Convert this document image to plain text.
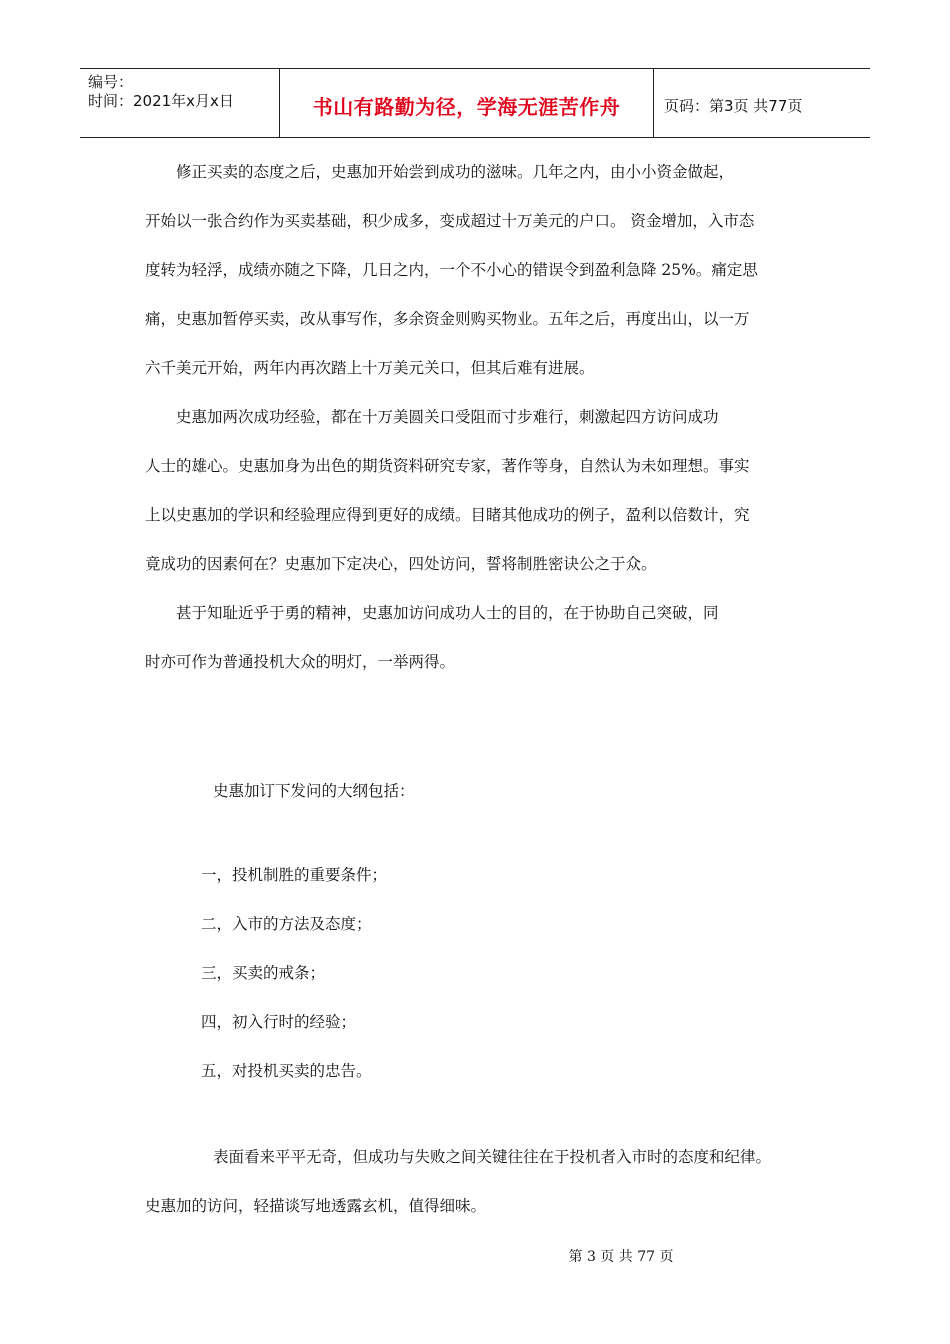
编号：
时间：2021年x月x日	书山有路勤为径，学海无涯苦作舟	页码：第3页 共77页

修正买卖的态度之后，史惠加开始尝到成功的滋味。几年之内，由小小资金做起，

开始以一张合约作为买卖基础，积少成多，变成超过十万美元的户口。 资金增加，入市态

度转为轻浮，成绩亦随之下降，几日之内，一个不小心的错误令到盈利急降 25%。痛定思

痛，史惠加暂停买卖，改从事写作，多余资金则购买物业。五年之后，再度出山，以一万

六千美元开始，两年内再次踏上十万美元关口，但其后难有进展。

史惠加两次成功经验，都在十万美圆关口受阻而寸步难行，刺激起四方访问成功

人士的雄心。史惠加身为出色的期货资料研究专家，著作等身，自然认为未如理想。事实

上以史惠加的学识和经验理应得到更好的成绩。目睹其他成功的例子，盈利以倍数计，究

竟成功的因素何在？史惠加下定决心，四处访问，誓将制胜密诀公之于众。

甚于知耻近乎于勇的精神，史惠加访问成功人士的目的，在于协助自己突破，同

时亦可作为普通投机大众的明灯，一举两得。

史惠加订下发问的大纲包括：

一，投机制胜的重要条件；

二，入市的方法及态度；

三，买卖的戒条；

四，初入行时的经验；

五，对投机买卖的忠告。

表面看来平平无奇，但成功与失败之间关键往往在于投机者入市时的态度和纪律。

史惠加的访问，轻描谈写地透露玄机，值得细味。

第 3 页 共 77 页
